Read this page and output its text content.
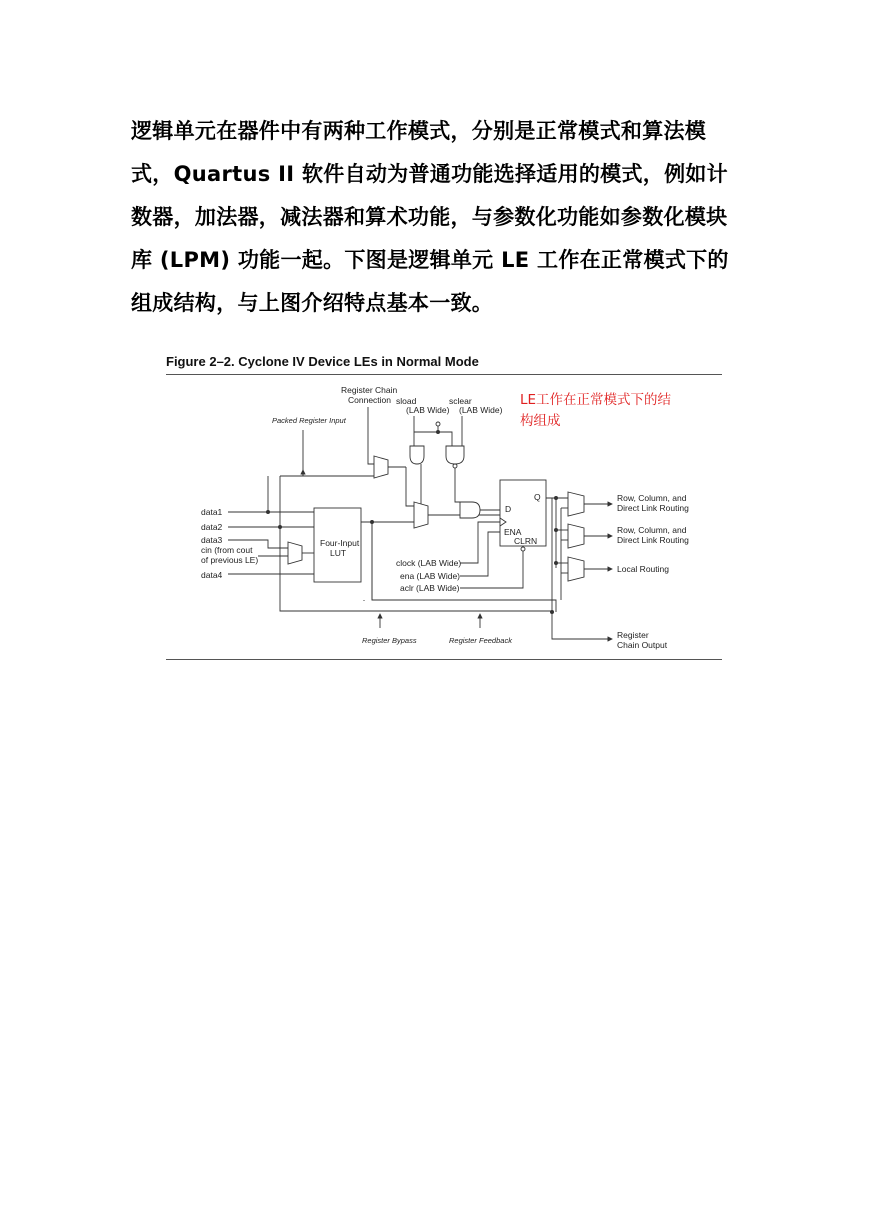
逻辑单元在器件中有两种工作模式，分别是正常模式和算法模式，Quartus II 软件自动为普通功能选择适用的模式，例如计数器，加法器，减法器和算术功能，与参数化功能如参数化模块库 (LPM) 功能一起。下图是逻辑单元 LE 工作在正常模式下的组成结构，与上图介绍特点基本一致。

Figure 2–2. Cyclone IV Device LEs in Normal Mode
LE工作在正常模式下的结
构组成
Register Chain
Connection sload
(LAB Wide)
sclear
(LAB Wide)
Packed Register Input
data1
data2
data3
cin (from cout
of previous LE)
data4
Four-Input
LUT
D
Q
ENA
CLRN
clock (LAB Wide)
ena (LAB Wide)
aclr (LAB Wide)
Row, Column, and
Direct Link Routing
Row, Column, and
Direct Link Routing
Local Routing
Register
Chain Output
Register Bypass	Register Feedback
